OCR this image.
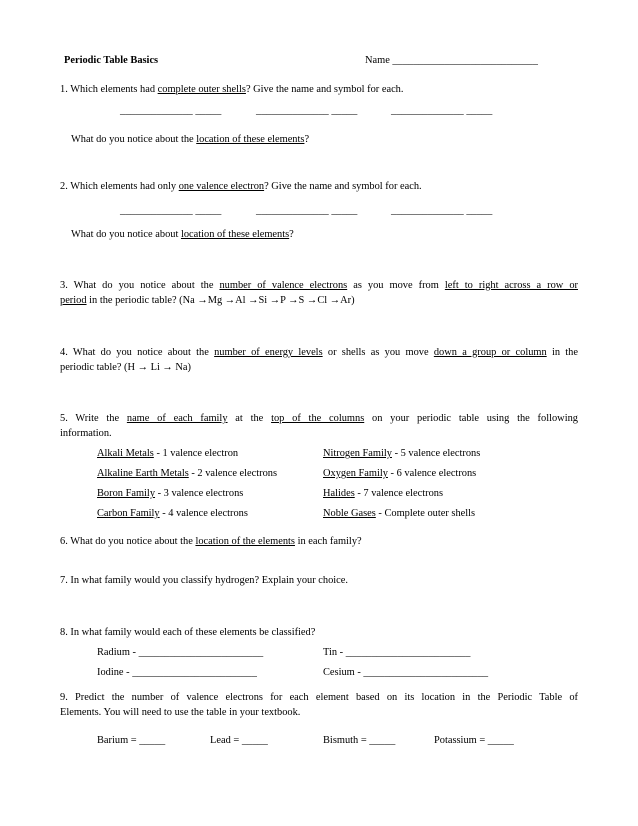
Periodic Table Basics	Name ____________________________
1. Which elements had complete outer shells? Give the name and symbol for each.
______________ _____	______________ _____	______________ _____
What do you notice about the location of these elements?
2. Which elements had only one valence electron? Give the name and symbol for each.
______________ _____	______________ _____	______________ _____
What do you notice about location of these elements?
3. What do you notice about the number of valence electrons as you move from left to right across a row or
period in the periodic table? (Na →Mg →Al →Si →P →S →Cl →Ar)
4. What do you notice about the number of energy levels or shells as you move down a group or column in the
periodic table? (H → Li → Na)
5. Write the name of each family at the top of the columns on your periodic table using the following
information.
Alkali Metals - 1 valence electron	Nitrogen Family - 5 valence electrons
Alkaline Earth Metals - 2 valence electrons	Oxygen Family - 6 valence electrons
Boron Family - 3 valence electrons	Halides - 7 valence electrons
Carbon Family - 4 valence electrons	Noble Gases - Complete outer shells
6. What do you notice about the location of the elements in each family?
7. In what family would you classify hydrogen? Explain your choice.
8. In what family would each of these elements be classified?
Radium - ________________________	Tin - ________________________
Iodine - ________________________	Cesium - ________________________
9. Predict the number of valence electrons for each element based on its location in the Periodic Table of
Elements. You will need to use the table in your textbook.
Barium = _____	Lead = _____	Bismuth = _____	Potassium = _____
